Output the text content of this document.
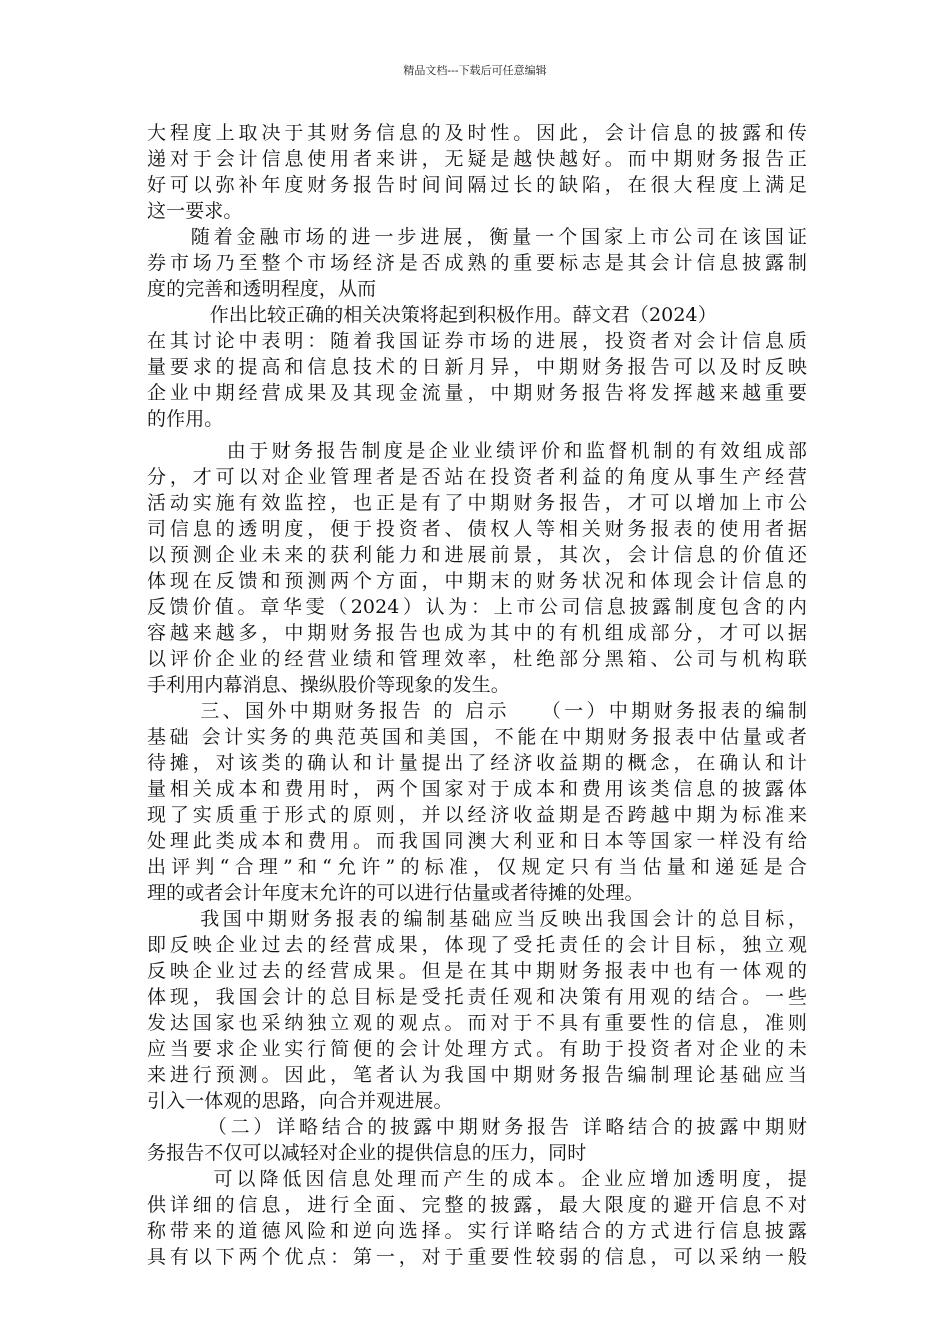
精品文档---下载后可任意编辑
大程度上取决于其财务信息的及时性。因此，会计信息的披露和传
递对于会计信息使用者来讲，无疑是越快越好。而中期财务报告正
好可以弥补年度财务报告时间间隔过长的缺陷，在很大程度上满足
这一要求。
随着金融市场的进一步进展，衡量一个国家上市公司在该国证
券市场乃至整个市场经济是否成熟的重要标志是其会计信息披露制
度的完善和透明程度，从而
作出比较正确的相关决策将起到积极作用。薛文君（2024）
在其讨论中表明：随着我国证券市场的进展，投资者对会计信息质
量要求的提高和信息技术的日新月异，中期财务报告可以及时反映
企业中期经营成果及其现金流量，中期财务报告将发挥越来越重要
的作用。
由于财务报告制度是企业业绩评价和监督机制的有效组成部
分，才可以对企业管理者是否站在投资者利益的角度从事生产经营
活动实施有效监控，也正是有了中期财务报告，才可以增加上市公
司信息的透明度，便于投资者、债权人等相关财务报表的使用者据
以预测企业未来的获利能力和进展前景，其次，会计信息的价值还
体现在反馈和预测两个方面，中期末的财务状况和体现会计信息的
反馈价值。章华雯（2024）认为：上市公司信息披露制度包含的内
容越来越多，中期财务报告也成为其中的有机组成部分，才可以据
以评价企业的经营业绩和管理效率，杜绝部分黑箱、公司与机构联
手利用内幕消息、操纵股价等现象的发生。
三、国外中期财务报告 的 启示　 （一）中期财务报表的编制
基础 会计实务的典范英国和美国，不能在中期财务报表中估量或者
待摊，对该类的确认和计量提出了经济收益期的概念，在确认和计
量相关成本和费用时，两个国家对于成本和费用该类信息的披露体
现了实质重于形式的原则，并以经济收益期是否跨越中期为标准来
处理此类成本和费用。而我国同澳大利亚和日本等国家一样没有给
出评判“合理”和“允许”的标准，仅规定只有当估量和递延是合
理的或者会计年度末允许的可以进行估量或者待摊的处理。
我国中期财务报表的编制基础应当反映出我国会计的总目标，
即反映企业过去的经营成果，体现了受托责任的会计目标，独立观
反映企业过去的经营成果。但是在其中期财务报表中也有一体观的
体现，我国会计的总目标是受托责任观和决策有用观的结合。一些
发达国家也采纳独立观的观点。而对于不具有重要性的信息，准则
应当要求企业实行简便的会计处理方式。有助于投资者对企业的未
来进行预测。因此，笔者认为我国中期财务报告编制理论基础应当
引入一体观的思路，向合并观进展。
（二）详略结合的披露中期财务报告 详略结合的披露中期财
务报告不仅可以减轻对企业的提供信息的压力，同时
可以降低因信息处理而产生的成本。企业应增加透明度，提
供详细的信息，进行全面、完整的披露，最大限度的避开信息不对
称带来的道德风险和逆向选择。实行详略结合的方式进行信息披露
具有以下两个优点：第一，对于重要性较弱的信息，可以采纳一般
